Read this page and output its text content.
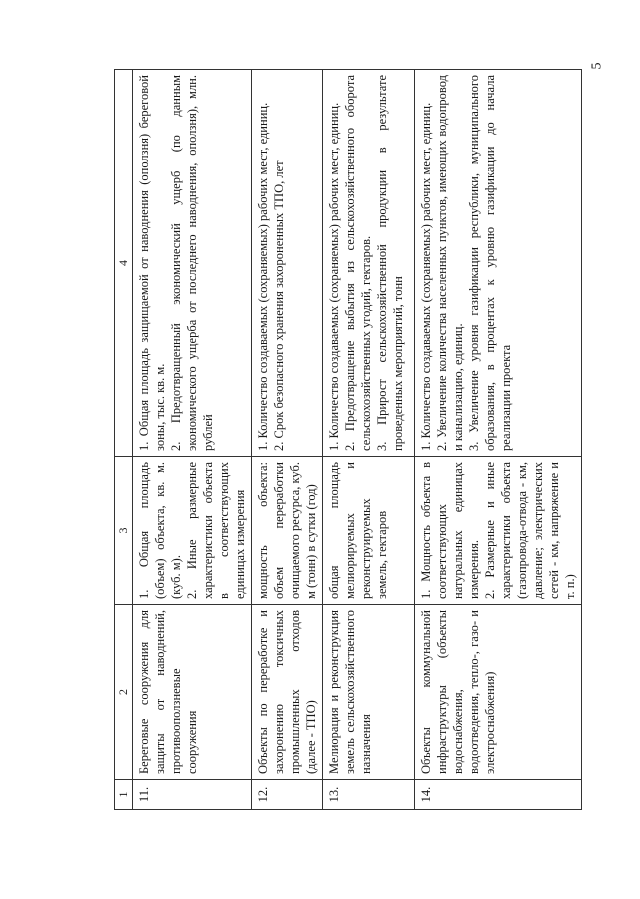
5
1	2	3	4
11.	Береговые сооружения для защиты от наводнений, противооползневые сооружения	1. Общая площадь (объем) объекта, кв. м. (куб. м). 2. Иные размерные характеристики объекта в соответствующих единицах измерения	1. Общая площадь защищаемой от наводнения (оползня) береговой зоны, тыс. кв. м. 2. Предотвращенный экономический ущерб (по данным экономического ущерба от последнего наводнения, оползня), млн. рублей

12.	Объекты по переработке и захоронению токсичных промышленных отходов (далее - ТПО)	мощность объекта: объем переработки очищаемого ресурса, куб. м (тонн) в сутки (год)	1. Количество создаваемых (сохраняемых) рабочих мест, единиц. 2. Срок безопасного хранения захороненных ТПО, лет

13.	Мелиорация и реконструкция земель сельскохозяйственного назначения	общая площадь мелиорируемых и реконструируемых земель, гектаров	1. Количество создаваемых (сохраняемых) рабочих мест, единиц. 2. Предотвращение выбытия из сельскохозяйственного оборота сельскохозяйственных угодий, гектаров. 3. Прирост сельскохозяйственной продукции в результате проведенных мероприятий, тонн

14.	Объекты коммунальной инфраструктуры (объекты водоснабжения, водоотведения, тепло-, газо- и электроснабжения)	1. Мощность объекта в соответствующих натуральных единицах измерения. 2. Размерные и иные характеристики объекта (газопровода-отвода - км, давление; электрических сетей - км, напряжение и т. п.)	1. Количество создаваемых (сохраняемых) рабочих мест, единиц. 2. Увеличение количества населенных пунктов, имеющих водопровод и канализацию, единиц. 3. Увеличение уровня газификации республики, муниципального образования, в процентах к уровню газификации до начала реализации проекта
